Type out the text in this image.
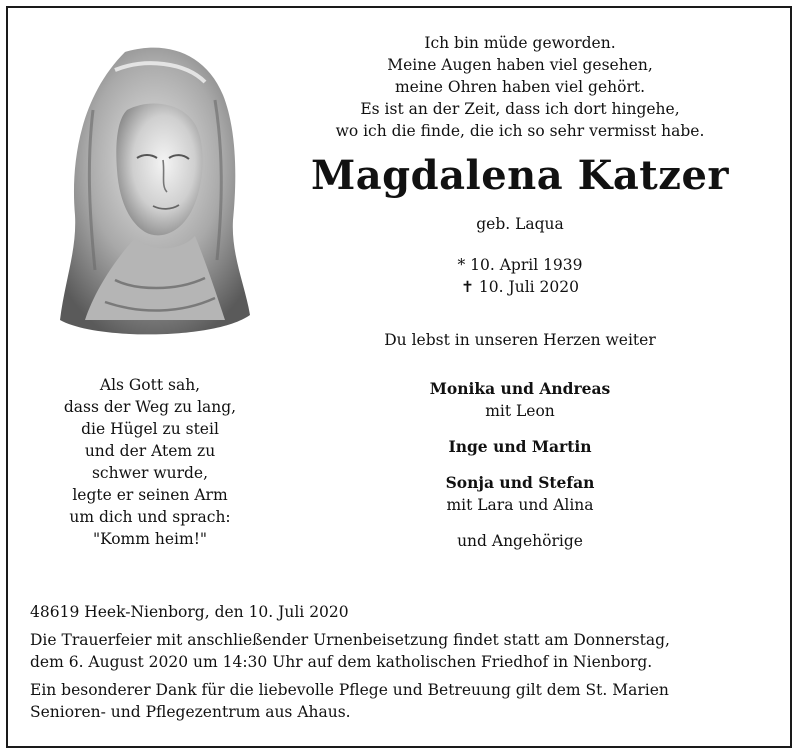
Ich bin müde geworden.
Meine Augen haben viel gesehen,
meine Ohren haben viel gehört.
Es ist an der Zeit, dass ich dort hingehe,
wo ich die finde, die ich so sehr vermisst habe.
Magdalena Katzer
geb. Laqua
* 10. April 1939
✝ 10. Juli 2020
Du lebst in unseren Herzen weiter
Monika und Andreas
mit Leon
Inge und Martin
Sonja und Stefan
mit Lara und Alina
und Angehörige
Als Gott sah,
dass der Weg zu lang,
die Hügel zu steil
und der Atem zu
schwer wurde,
legte er seinen Arm
um dich und sprach:
"Komm heim!"
48619 Heek-Nienborg, den 10. Juli 2020
Die Trauerfeier mit anschließender Urnenbeisetzung findet statt am Donnerstag,
dem 6. August 2020 um 14:30 Uhr auf dem katholischen Friedhof in Nienborg.
Ein besonderer Dank für die liebevolle Pflege und Betreuung gilt dem St. Marien
Senioren- und Pflegezentrum aus Ahaus.
